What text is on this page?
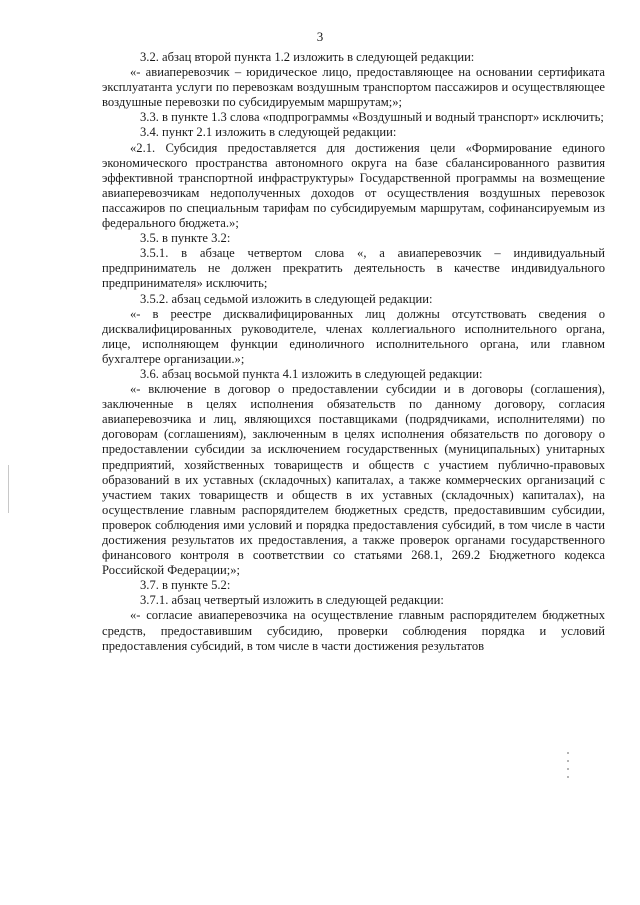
3

3.2. абзац второй пункта 1.2 изложить в следующей редакции:

«- авиаперевозчик – юридическое лицо, предоставляющее на основании сертификата эксплуатанта услуги по перевозкам воздушным транспортом пассажиров и осуществляющее воздушные перевозки по субсидируемым маршрутам;»;

3.3. в пункте 1.3 слова «подпрограммы «Воздушный и водный транспорт» исключить;

3.4. пункт 2.1 изложить в следующей редакции:

«2.1. Субсидия предоставляется для достижения цели «Формирование единого экономического пространства автономного округа на базе сбалансированного развития эффективной транспортной инфраструктуры» Государственной программы на возмещение авиаперевозчикам недополученных доходов от осуществления воздушных перевозок пассажиров по специальным тарифам по субсидируемым маршрутам, софинансируемым из федерального бюджета.»;

3.5. в пункте 3.2:

3.5.1. в абзаце четвертом слова «, а авиаперевозчик – индивидуальный предприниматель не должен прекратить деятельность в качестве индивидуального предпринимателя» исключить;

3.5.2. абзац седьмой изложить в следующей редакции:

«- в реестре дисквалифицированных лиц должны отсутствовать сведения о дисквалифицированных руководителе, членах коллегиального исполнительного органа, лице, исполняющем функции единоличного исполнительного органа, или главном бухгалтере организации.»;

3.6. абзац восьмой пункта 4.1 изложить в следующей редакции:

«- включение в договор о предоставлении субсидии и в договоры (соглашения), заключенные в целях исполнения обязательств по данному договору, согласия авиаперевозчика и лиц, являющихся поставщиками (подрядчиками, исполнителями) по договорам (соглашениям), заключенным в целях исполнения обязательств по договору о предоставлении субсидии за исключением государственных (муниципальных) унитарных предприятий, хозяйственных товариществ и обществ с участием публично-правовых образований в их уставных (складочных) капиталах, а также коммерческих организаций с участием таких товариществ и обществ в их уставных (складочных) капиталах), на осуществление главным распорядителем бюджетных средств, предоставившим субсидии, проверок соблюдения ими условий и порядка предоставления субсидий, в том числе в части достижения результатов их предоставления, а также проверок органами государственного финансового контроля в соответствии со статьями 268.1, 269.2 Бюджетного кодекса Российской Федерации;»;

3.7. в пункте 5.2:

3.7.1. абзац четвертый изложить в следующей редакции:

«- согласие авиаперевозчика на осуществление главным распорядителем бюджетных средств, предоставившим субсидию, проверки соблюдения порядка и условий предоставления субсидий, в том числе в части достижения результатов
